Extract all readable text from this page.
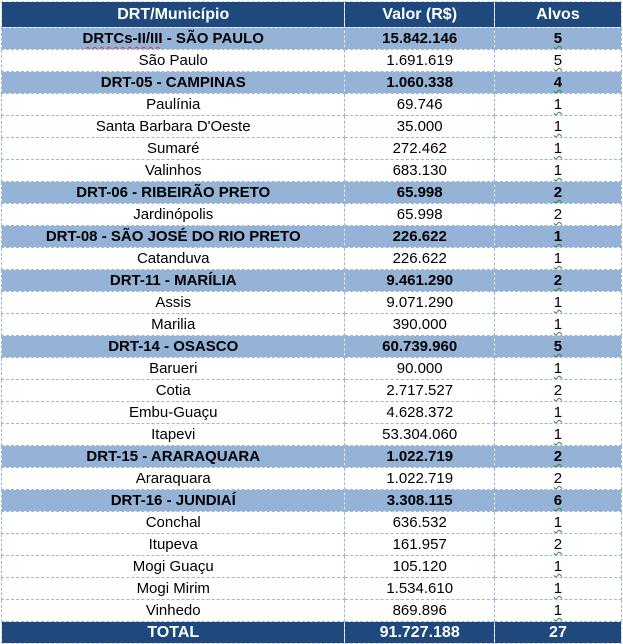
DRT/Município	Valor (R$)	Alvos
DRTCs-II/III - SÃO PAULO	15.842.146	5
São Paulo	1.691.619	5
DRT-05 - CAMPINAS	1.060.338	4
Paulínia	69.746	1
Santa Barbara D'Oeste	35.000	1
Sumaré	272.462	1
Valinhos	683.130	1
DRT-06 - RIBEIRÃO PRETO	65.998	2
Jardinópolis	65.998	2
DRT-08 - SÃO JOSÉ DO RIO PRETO	226.622	1
Catanduva	226.622	1
DRT-11 - MARÍLIA	9.461.290	2
Assis	9.071.290	1
Marilia	390.000	1
DRT-14 - OSASCO	60.739.960	5
Barueri	90.000	1
Cotia	2.717.527	2
Embu-Guaçu	4.628.372	1
Itapevi	53.304.060	1
DRT-15 - ARARAQUARA	1.022.719	2
Araraquara	1.022.719	2
DRT-16 - JUNDIAÍ	3.308.115	6
Conchal	636.532	1
Itupeva	161.957	2
Mogi Guaçu	105.120	1
Mogi Mirim	1.534.610	1
Vinhedo	869.896	1
TOTAL	91.727.188	27
